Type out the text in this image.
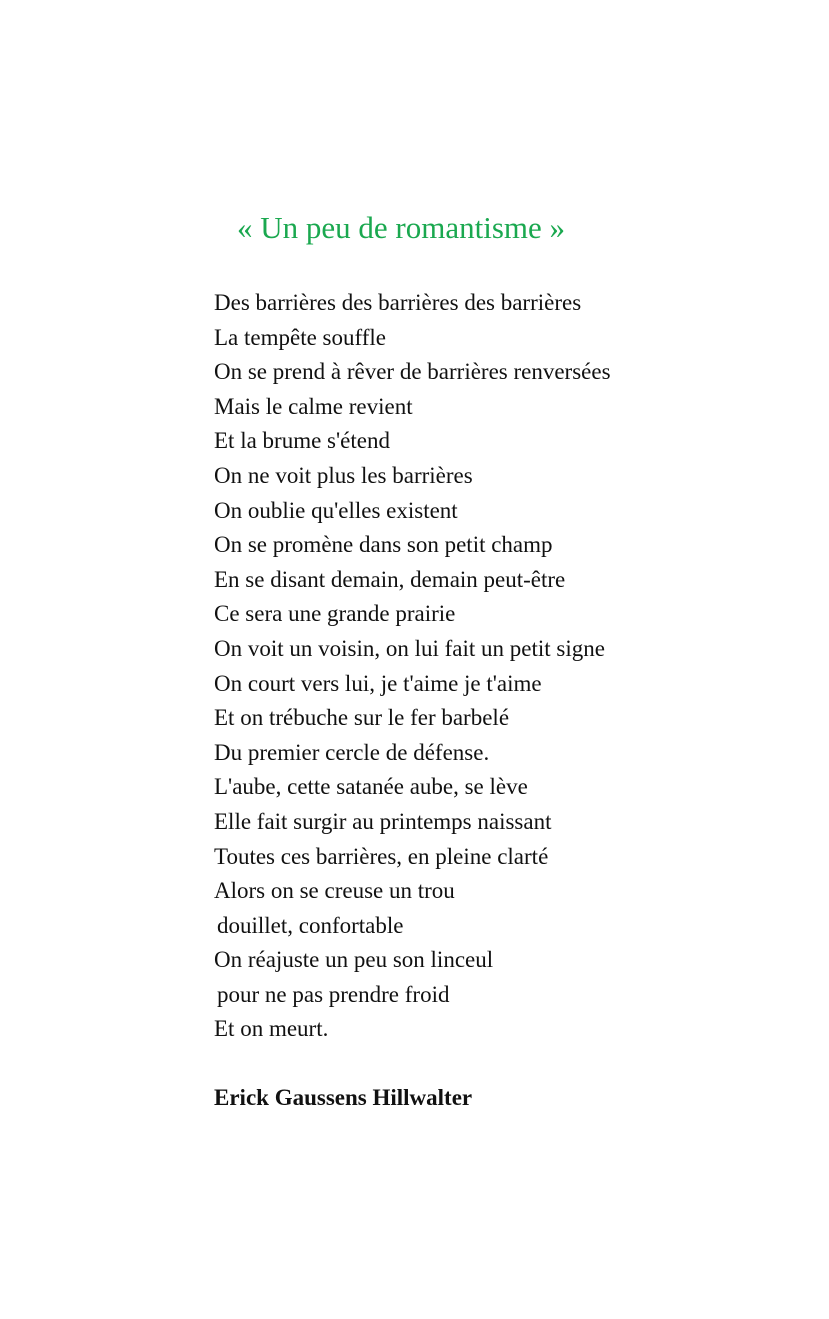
« Un peu de romantisme »
Des barrières des barrières des barrières
La tempête souffle
On se prend à rêver de barrières renversées
Mais le calme revient
Et la brume s'étend
On ne voit plus les barrières
On oublie qu'elles existent
On se promène dans son petit champ
En se disant demain, demain peut-être
Ce sera une grande prairie
On voit un voisin, on lui fait un petit signe
On court vers lui, je t'aime je t'aime
Et on trébuche sur le fer barbelé
Du premier cercle de défense.
L'aube, cette satanée aube, se lève
Elle fait surgir au printemps naissant
Toutes ces barrières, en pleine clarté
Alors on se creuse un trou
douillet, confortable
On réajuste un peu son linceul
pour ne pas prendre froid
Et on meurt.
Erick Gaussens Hillwalter
